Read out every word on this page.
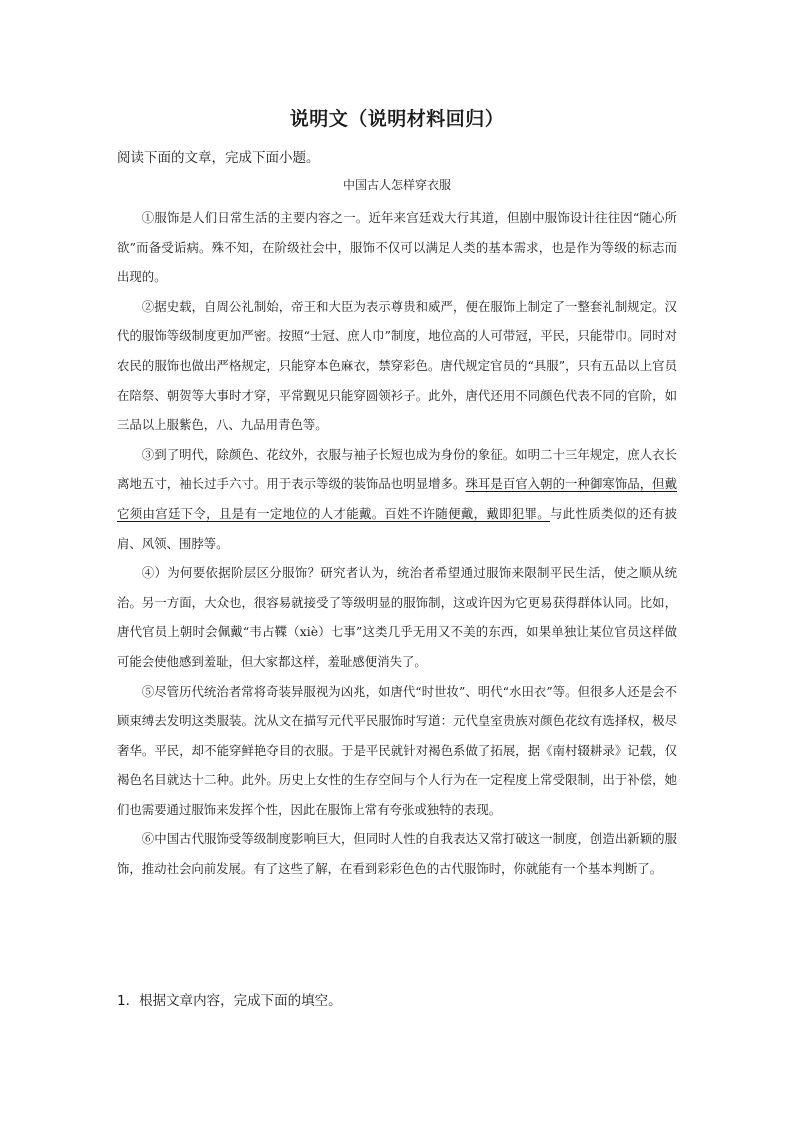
说明文（说明材料回归）
阅读下面的文章，完成下面小题。
中国古人怎样穿衣服

①服饰是人们日常生活的主要内容之一。近年来宫廷戏大行其道，但剧中服饰设计往往因“随心所欲”而备受诟病。殊不知，在阶级社会中，服饰不仅可以满足人类的基本需求，也是作为等级的标志而出现的。

②据史载，自周公礼制始，帝王和大臣为表示尊贵和威严，便在服饰上制定了一整套礼制规定。汉代的服饰等级制度更加严密。按照“士冠、庶人巾”制度，地位高的人可带冠，平民，只能带巾。同时对农民的服饰也做出严格规定，只能穿本色麻衣，禁穿彩色。唐代规定官员的“具服”，只有五品以上官员在陪祭、朝贺等大事时才穿，平常觐见只能穿圆领衫子。此外，唐代还用不同颜色代表不同的官阶，如三品以上服紫色，八、九品用青色等。

③到了明代，除颜色、花纹外，衣服与袖子长短也成为身份的象征。如明二十三年规定，庶人衣长离地五寸，袖长过手六寸。用于表示等级的装饰品也明显增多。珠耳是百官入朝的一种御寒饰品，但戴它须由宫廷下令，且是有一定地位的人才能戴。百姓不许随便戴，戴即犯罪。与此性质类似的还有披肩、风领、围脖等。

④）为何要依据阶层区分服饰？研究者认为，统治者希望通过服饰来限制平民生活，使之顺从统治。另一方面，大众也，很容易就接受了等级明显的服饰制，这或许因为它更易获得群体认同。比如，唐代官员上朝时会佩戴“韦占鞢（xiè）七事”这类几乎无用又不美的东西，如果单独让某位官员这样做可能会使他感到羞耻，但大家都这样，羞耻感便消失了。

⑤尽管历代统治者常将奇装异服视为凶兆，如唐代“时世妆”、明代“水田衣”等。但很多人还是会不顾束缚去发明这类服装。沈从文在描写元代平民服饰时写道：元代皇室贵族对颜色花纹有选择权，极尽奢华。平民，却不能穿鲜艳夺目的衣服。于是平民就针对褐色系做了拓展，据《南村辍耕录》记载，仅褐色名目就达十二种。此外。历史上女性的生存空间与个人行为在一定程度上常受限制，出于补偿，她们也需要通过服饰来发挥个性，因此在服饰上常有夸张或独特的表现。

⑥中国古代服饰受等级制度影响巨大，但同时人性的自我表达又常打破这一制度，创造出新颖的服饰，推动社会向前发展。有了这些了解，在看到彩彩色色的古代服饰时，你就能有一个基本判断了。

1．根据文章内容，完成下面的填空。
